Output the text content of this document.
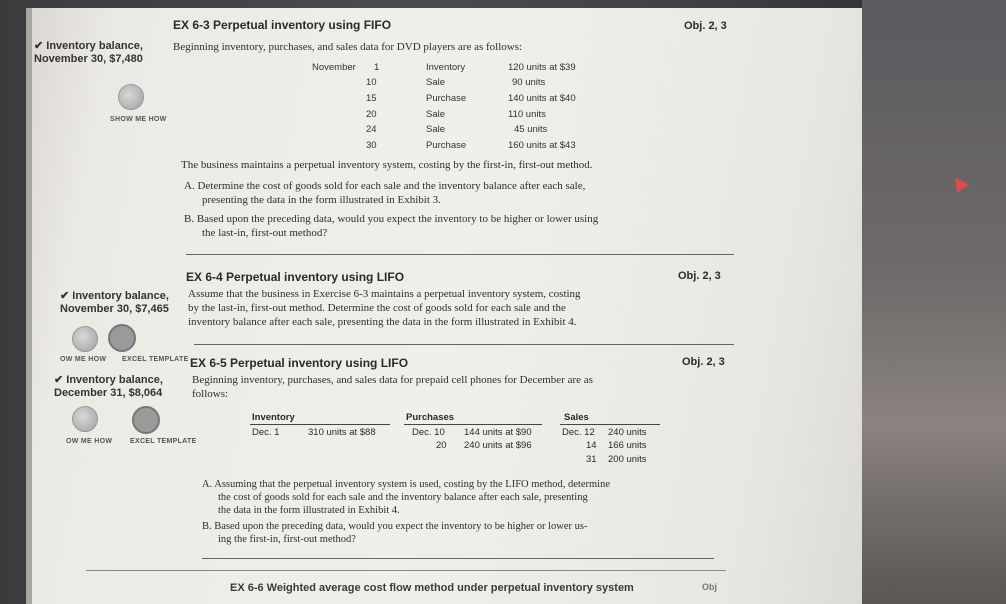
EX 6-3 Perpetual inventory using FIFO	Obj. 2, 3
✔ Inventory balance,
November 30, $7,480
Beginning inventory, purchases, and sales data for DVD players are as follows:
SHOW ME HOW
November 1	Inventory	120 units at $39
10	Sale	90 units
15	Purchase	140 units at $40
20	Sale	110 units
24	Sale	45 units
30	Purchase	160 units at $43
The business maintains a perpetual inventory system, costing by the first-in, first-out method.
A. Determine the cost of goods sold for each sale and the inventory balance after each sale,
presenting the data in the form illustrated in Exhibit 3.
B. Based upon the preceding data, would you expect the inventory to be higher or lower using
the last-in, first-out method?
EX 6-4 Perpetual inventory using LIFO	Obj. 2, 3
✔ Inventory balance,
November 30, $7,465
Assume that the business in Exercise 6-3 maintains a perpetual inventory system, costing
by the last-in, first-out method. Determine the cost of goods sold for each sale and the
inventory balance after each sale, presenting the data in the form illustrated in Exhibit 4.
OW ME HOW EXCEL TEMPLATE EX 6-5 Perpetual inventory using LIFO	Obj. 2, 3
✔ Inventory balance,
December 31, $8,064
Beginning inventory, purchases, and sales data for prepaid cell phones for December are as
follows:
OW ME HOW	EXCEL TEMPLATE
Inventory
Dec. 1	310 units at $88
Purchases
Dec. 10 144 units at $90
20 240 units at $96
Sales
Dec. 12 240 units
14 166 units
31 200 units
A. Assuming that the perpetual inventory system is used, costing by the LIFO method, determine
the cost of goods sold for each sale and the inventory balance after each sale, presenting
the data in the form illustrated in Exhibit 4.
B. Based upon the preceding data, would you expect the inventory to be higher or lower us-
ing the first-in, first-out method?
EX 6-6 Weighted average cost flow method under perpetual inventory system	Obj
